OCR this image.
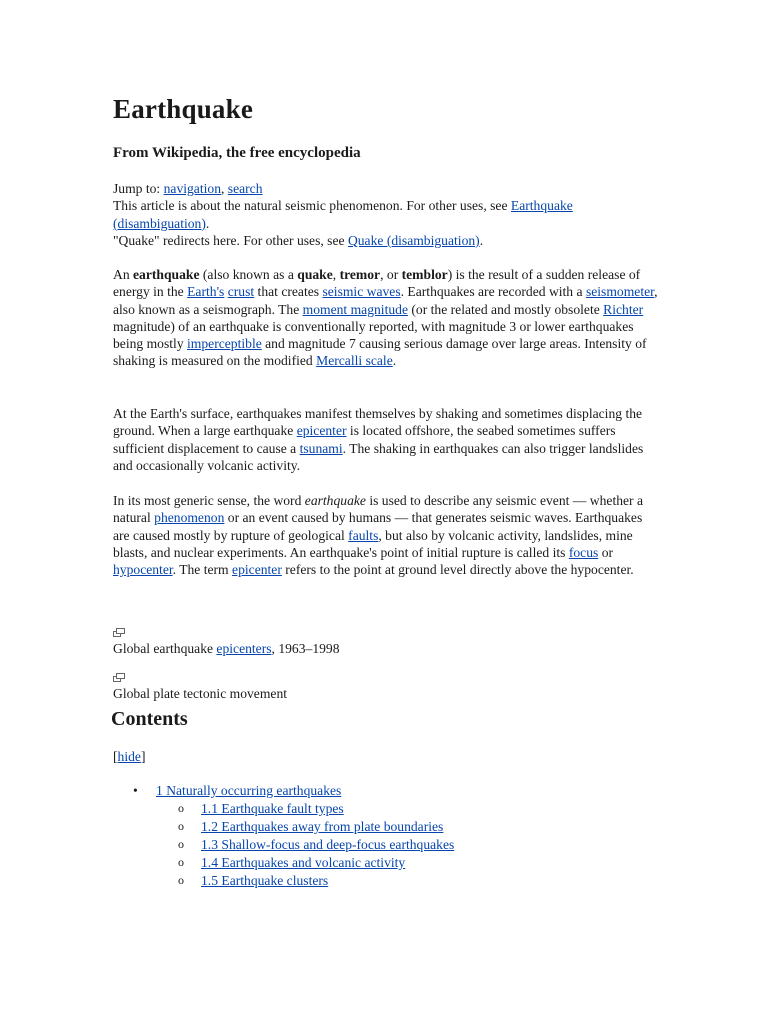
Earthquake
From Wikipedia, the free encyclopedia
Jump to: navigation, search
This article is about the natural seismic phenomenon. For other uses, see Earthquake (disambiguation).
"Quake" redirects here. For other uses, see Quake (disambiguation).

An earthquake (also known as a quake, tremor, or temblor) is the result of a sudden release of energy in the Earth's crust that creates seismic waves. Earthquakes are recorded with a seismometer, also known as a seismograph. The moment magnitude (or the related and mostly obsolete Richter magnitude) of an earthquake is conventionally reported, with magnitude 3 or lower earthquakes being mostly imperceptible and magnitude 7 causing serious damage over large areas. Intensity of shaking is measured on the modified Mercalli scale.

At the Earth's surface, earthquakes manifest themselves by shaking and sometimes displacing the ground. When a large earthquake epicenter is located offshore, the seabed sometimes suffers sufficient displacement to cause a tsunami. The shaking in earthquakes can also trigger landslides and occasionally volcanic activity.

In its most generic sense, the word earthquake is used to describe any seismic event — whether a natural phenomenon or an event caused by humans — that generates seismic waves. Earthquakes are caused mostly by rupture of geological faults, but also by volcanic activity, landslides, mine blasts, and nuclear experiments. An earthquake's point of initial rupture is called its focus or hypocenter. The term epicenter refers to the point at ground level directly above the hypocenter.

Global earthquake epicenters, 1963–1998
Global plate tectonic movement
Contents
[hide]
• 1 Naturally occurring earthquakes
o 1.1 Earthquake fault types
o 1.2 Earthquakes away from plate boundaries
o 1.3 Shallow-focus and deep-focus earthquakes
o 1.4 Earthquakes and volcanic activity
o 1.5 Earthquake clusters
